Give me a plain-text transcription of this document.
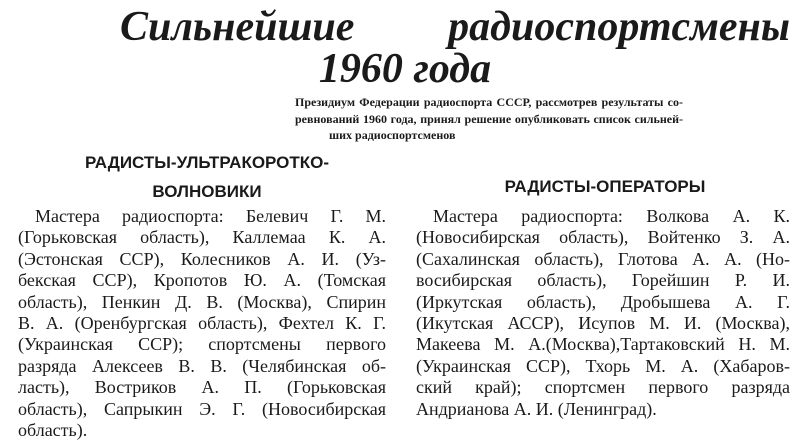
Сильнейшие радиоспортсмены
1960 года
Президиум Федерации радиоспорта СССР, рассмотрев результаты со-
ревнований 1960 года, принял решение опубликовать список сильней-
ших радиоспортсменов
РАДИСТЫ-УЛЬТРАКОРОТКО-
ВОЛНОВИКИ
Мастера радиоспорта: Белевич Г. М.
(Горьковская область), Каллемаа К. А.
(Эстонская ССР), Колесников А. И. (Уз-
бекская ССР), Кропотов Ю. А. (Томская
область), Пенкин Д. В. (Москва), Спирин
В. А. (Оренбургская область), Фехтел К. Г.
(Украинская ССР); спортсмены первого
разряда Алексеев В. В. (Челябинская об-
ласть), Востриков А. П. (Горьковская
область), Сапрыкин Э. Г. (Новосибирская
область).
РАДИСТЫ-ОПЕРАТОРЫ
Мастера радиоспорта: Волкова А. К.
(Новосибирская область), Войтенко З. А.
(Сахалинская область), Глотова А. А. (Но-
восибирская область), Горейшин Р. И.
(Иркутская область), Дробышева А. Г.
(Икутская АССР), Исупов М. И. (Москва),
Макеева М. А.(Москва),Тартаковский Н. М.
(Украинская ССР), Тхорь М. А. (Хабаров-
ский край); спортсмен первого разряда
Андрианова А. И. (Ленинград).
